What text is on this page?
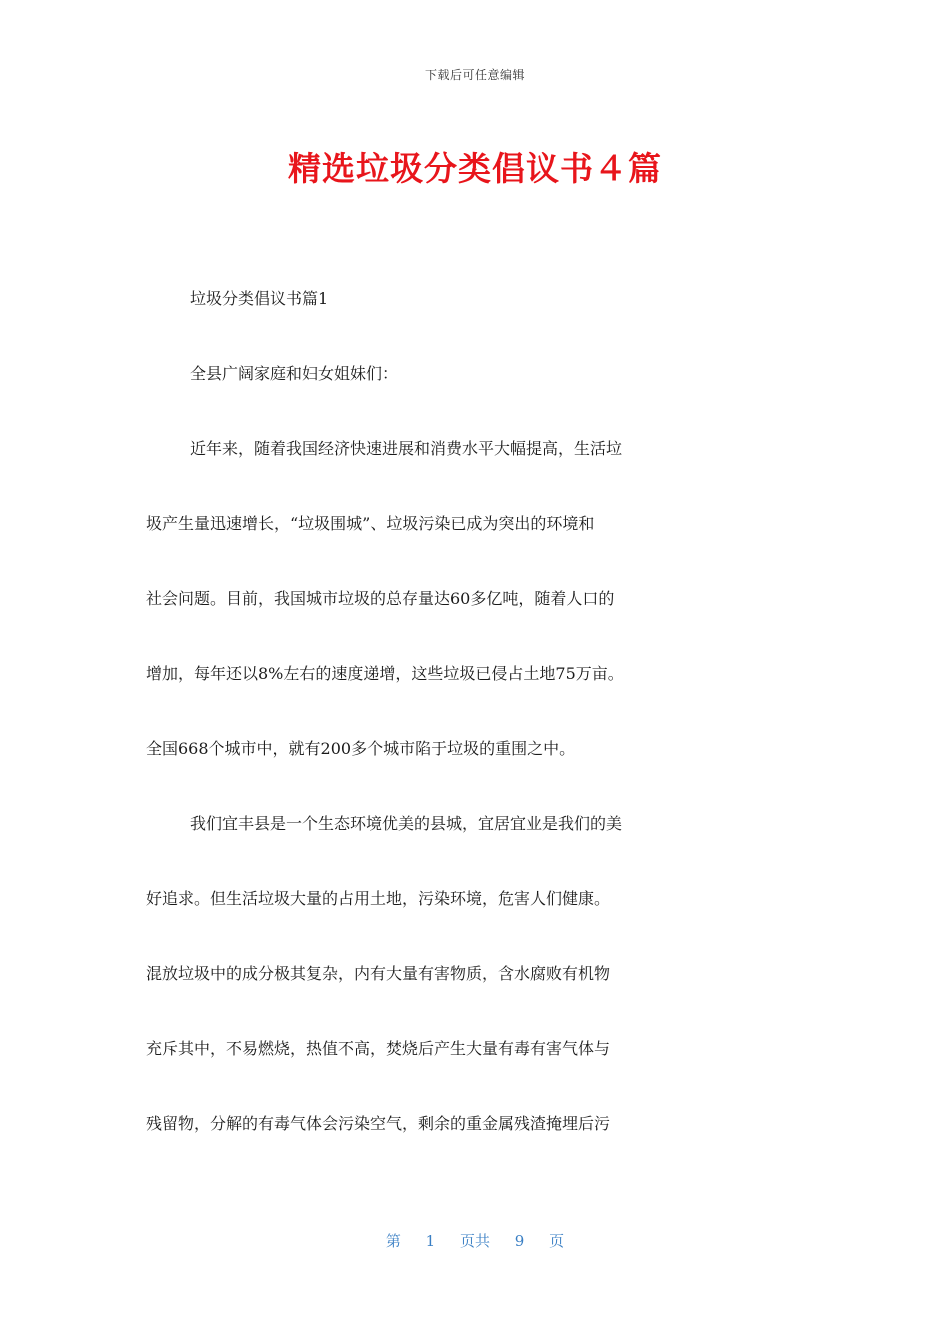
下载后可任意编辑
精选垃圾分类倡议书４篇
垃圾分类倡议书篇1
全县广阔家庭和妇女姐妹们：
近年来，随着我国经济快速进展和消费水平大幅提高，生活垃
圾产生量迅速增长，“垃圾围城”、垃圾污染已成为突出的环境和
社会问题。目前，我国城市垃圾的总存量达60多亿吨，随着人口的
增加，每年还以8%左右的速度递增，这些垃圾已侵占土地75万亩。
全国668个城市中，就有200多个城市陷于垃圾的重围之中。
我们宜丰县是一个生态环境优美的县城，宜居宜业是我们的美
好追求。但生活垃圾大量的占用土地，污染环境，危害人们健康。
混放垃圾中的成分极其复杂，内有大量有害物质，含水腐败有机物
充斥其中，不易燃烧，热值不高，焚烧后产生大量有毒有害气体与
残留物，分解的有毒气体会污染空气，剩余的重金属残渣掩埋后污
第 1 页共 9 页
